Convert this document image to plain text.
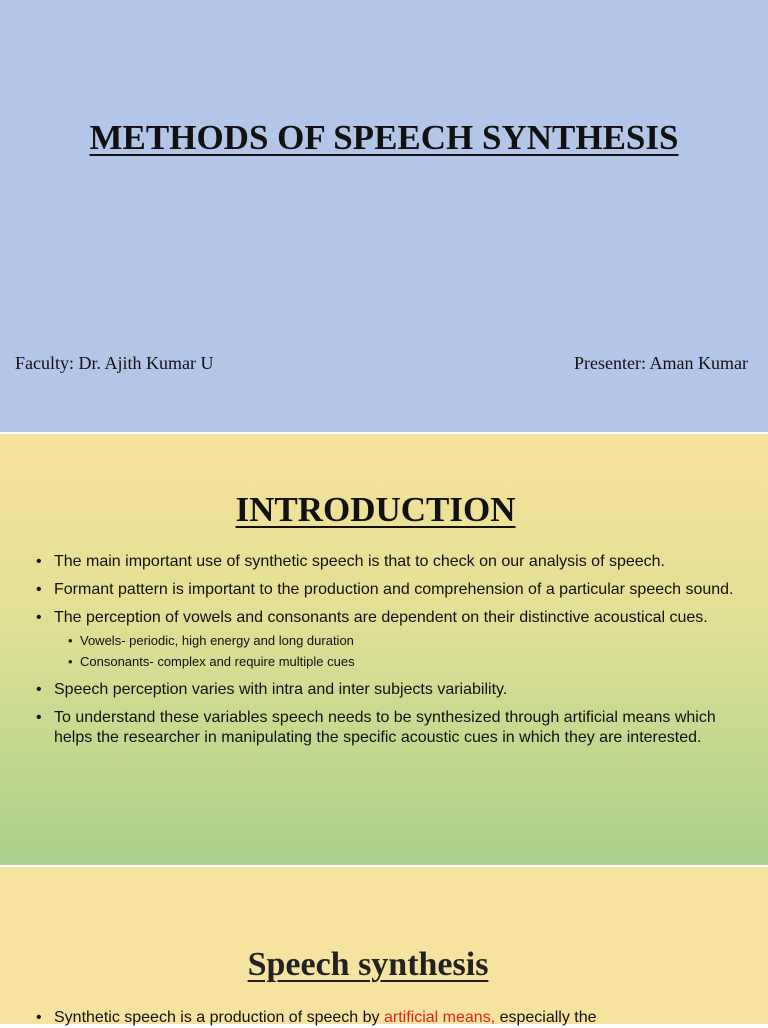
METHODS OF SPEECH SYNTHESIS
Faculty: Dr. Ajith Kumar U	Presenter: Aman Kumar
INTRODUCTION
• The main important use of synthetic speech is that to check on our analysis of speech.
• Formant pattern is important to the production and comprehension of a particular speech sound.
• The perception of vowels and consonants are dependent on their distinctive acoustical cues.
• Vowels- periodic, high energy and long duration
• Consonants- complex and require multiple cues
• Speech perception varies with intra and inter subjects variability.
• To understand these variables speech needs to be synthesized through artificial means which helps the researcher in manipulating the specific acoustic cues in which they are interested.
Speech synthesis
• Synthetic speech is a production of speech by artificial means, especially the
